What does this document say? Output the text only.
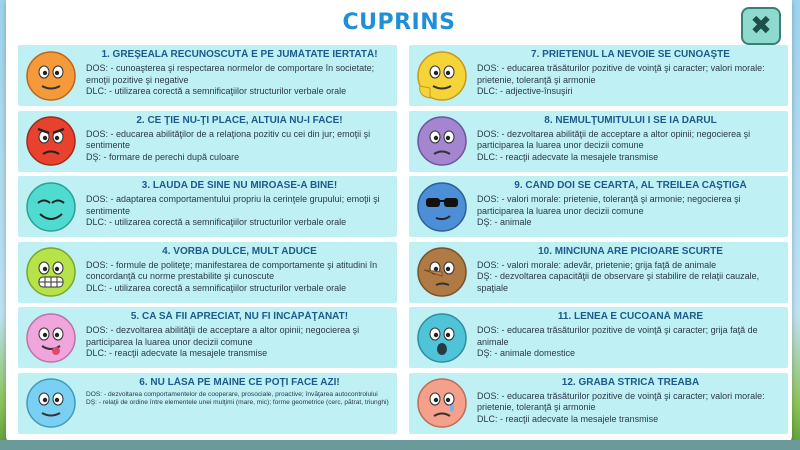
CUPRINS	✖
1. GREŞEALA RECUNOSCUTĂ E PE JUMĂTATE IERTATĂ!
DOS: - cunoaşterea şi respectarea normelor de comportare în societate; emoţii pozitive şi negative
DLC: - utilizarea corectă a semnificaţiilor structurilor verbale orale
7. PRIETENUL LA NEVOIE SE CUNOAŞTE
DOS: - educarea trăsăturilor pozitive de voinţă şi caracter; valori morale: prietenie, toleranţă şi armonie
DLC: - adjective-însuşiri
2. CE ŢIE NU-ŢI PLACE, ALTUIA NU-I FACE!
DOS: - educarea abilităţilor de a relaţiona pozitiv cu cei din jur; emoţii şi sentimente
DŞ: - formare de perechi după culoare
8. NEMULŢUMITULUI I SE IA DARUL
DOS: - dezvoltarea abilităţii de acceptare a altor opinii; negocierea şi participarea la luarea unor decizii comune
DLC: - reacţii adecvate la mesajele transmise
3. LAUDA DE SINE NU MIROASE-A BINE!
DOS: - adaptarea comportamentului propriu la cerinţele grupului; emoţii şi sentimente
DLC: - utilizarea corectă a semnificaţiilor structurilor verbale orale
9. CÂND DOI SE CEARTĂ, AL TREILEA CÂŞTIGĂ
DOS: - valori morale: prietenie, toleranţă şi armonie; negocierea şi participarea la luarea unor decizii comune
DŞ: - animale
4. VORBA DULCE, MULT ADUCE
DOS: - formule de politeţe; manifestarea de comportamente şi atitudini în concordanţă cu norme prestabilite şi cunoscute
DLC: - utilizarea corectă a semnificaţiilor structurilor verbale orale
10. MINCIUNA ARE PICIOARE SCURTE
DOS: - valori morale: adevăr, prietenie; grija faţă de animale
DŞ: - dezvoltarea capacităţii de observare şi stabilire de relaţii cauzale, spaţiale
5. CA SĂ FII APRECIAT, NU FI ÎNCĂPĂŢÂNAT!
DOS: - dezvoltarea abilităţii de acceptare a altor opinii; negocierea şi participarea la luarea unor decizii comune
DLC: - reacţii adecvate la mesajele transmise
11. LENEA E CUCOANĂ MARE
DOS: - educarea trăsăturilor pozitive de voinţă şi caracter; grija faţă de animale
DŞ: - animale domestice
6. NU LĂSA PE MÂINE CE POŢI FACE AZI!
DOS: - dezvoltarea comportamentelor de cooperare, prosociale, proactive; învăţarea autocontrolului
DŞ: - relaţii de ordine între elementele unei mulţimi (mare, mic); forme geometrice (cerc, pătrat, triunghi)
12. GRABA STRICĂ TREABA
DOS: - educarea trăsăturilor pozitive de voinţă şi caracter; valori morale: prietenie, toleranţă şi armonie
DLC: - reacţii adecvate la mesajele transmise
